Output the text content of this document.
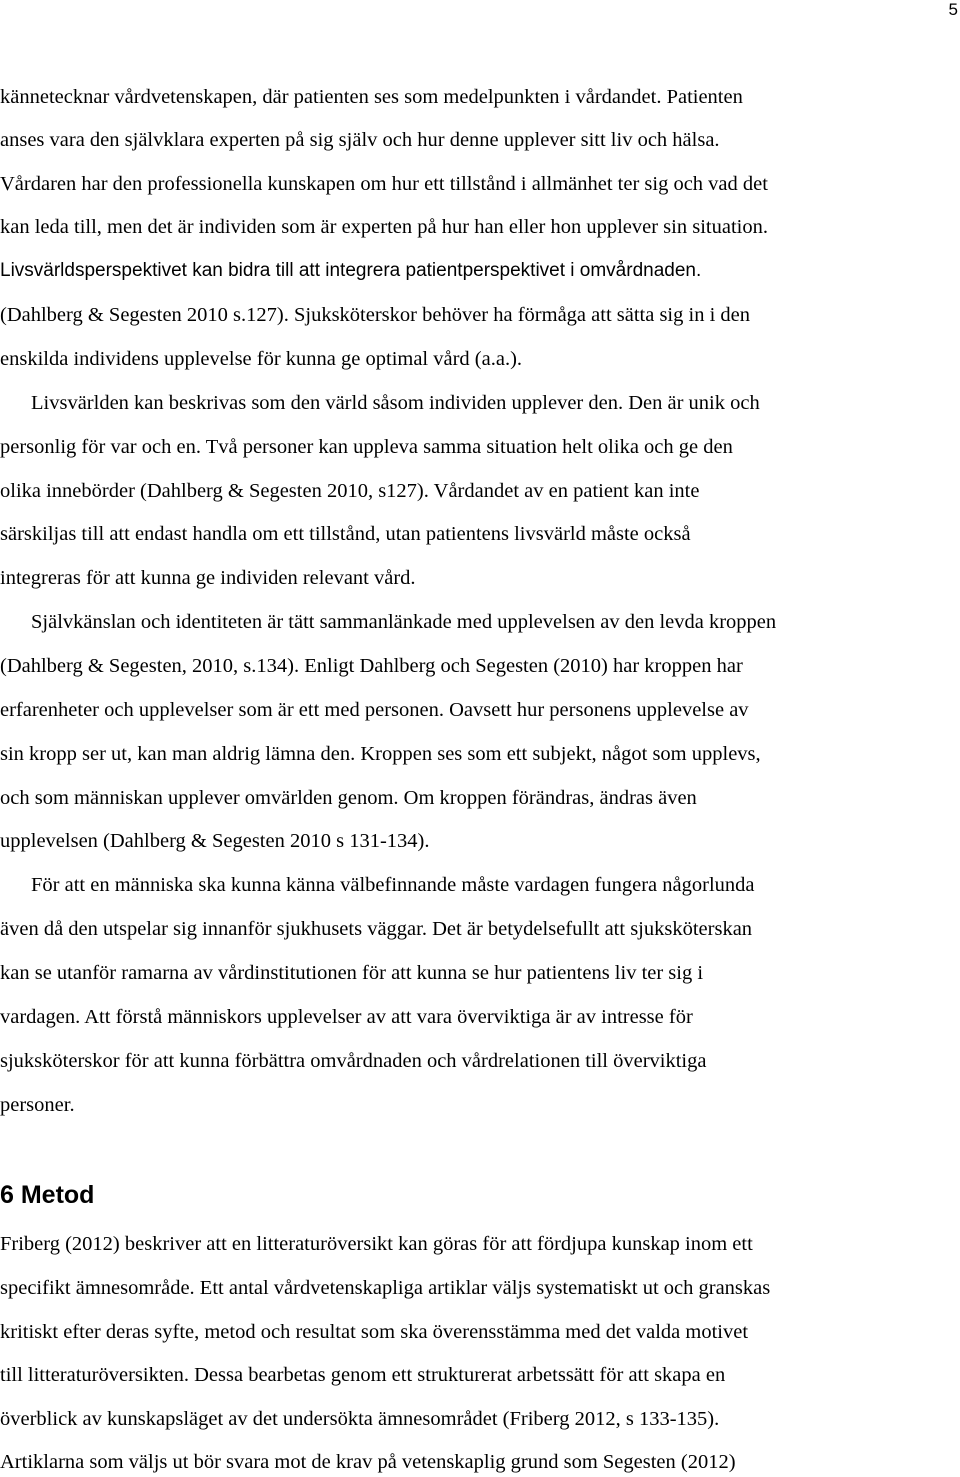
5

kännetecknar vårdvetenskapen, där patienten ses som medelpunkten i vårdandet. Patienten

anses vara den självklara experten på sig själv och hur denne upplever sitt liv och hälsa.

Vårdaren har den professionella kunskapen om hur ett tillstånd i allmänhet ter sig och vad det

kan leda till, men det är individen som är experten på hur han eller hon upplever sin situation.

Livsvärldsperspektivet kan bidra till att integrera patientperspektivet i omvårdnaden.

(Dahlberg & Segesten 2010 s.127). Sjuksköterskor behöver ha förmåga att sätta sig in i den

enskilda individens upplevelse för kunna ge optimal vård (a.a.).

Livsvärlden kan beskrivas som den värld såsom individen upplever den. Den är unik och

personlig för var och en. Två personer kan uppleva samma situation helt olika och ge den

olika innebörder (Dahlberg & Segesten 2010, s127). Vårdandet av en patient kan inte

särskiljas till att endast handla om ett tillstånd, utan patientens livsvärld måste också

integreras för att kunna ge individen relevant vård.

Självkänslan och identiteten är tätt sammanlänkade med upplevelsen av den levda kroppen

(Dahlberg & Segesten, 2010, s.134). Enligt Dahlberg och Segesten (2010) har kroppen har

erfarenheter och upplevelser som är ett med personen. Oavsett hur personens upplevelse av

sin kropp ser ut, kan man aldrig lämna den. Kroppen ses som ett subjekt, något som upplevs,

och som människan upplever omvärlden genom. Om kroppen förändras, ändras även

upplevelsen (Dahlberg & Segesten 2010 s 131-134).

För att en människa ska kunna känna välbefinnande måste vardagen fungera någorlunda

även då den utspelar sig innanför sjukhusets väggar. Det är betydelsefullt att sjuksköterskan

kan se utanför ramarna av vårdinstitutionen för att kunna se hur patientens liv ter sig i

vardagen. Att förstå människors upplevelser av att vara överviktiga är av intresse för

sjuksköterskor för att kunna förbättra omvårdnaden och vårdrelationen till överviktiga

personer.

6 Metod

Friberg (2012) beskriver att en litteraturöversikt kan göras för att fördjupa kunskap inom ett

specifikt ämnesområde. Ett antal vårdvetenskapliga artiklar väljs systematiskt ut och granskas

kritiskt efter deras syfte, metod och resultat som ska överensstämma med det valda motivet

till litteraturöversikten. Dessa bearbetas genom ett strukturerat arbetssätt för att skapa en

överblick av kunskapsläget av det undersökta ämnesområdet (Friberg 2012, s 133-135).

Artiklarna som väljs ut bör svara mot de krav på vetenskaplig grund som Segesten (2012)
